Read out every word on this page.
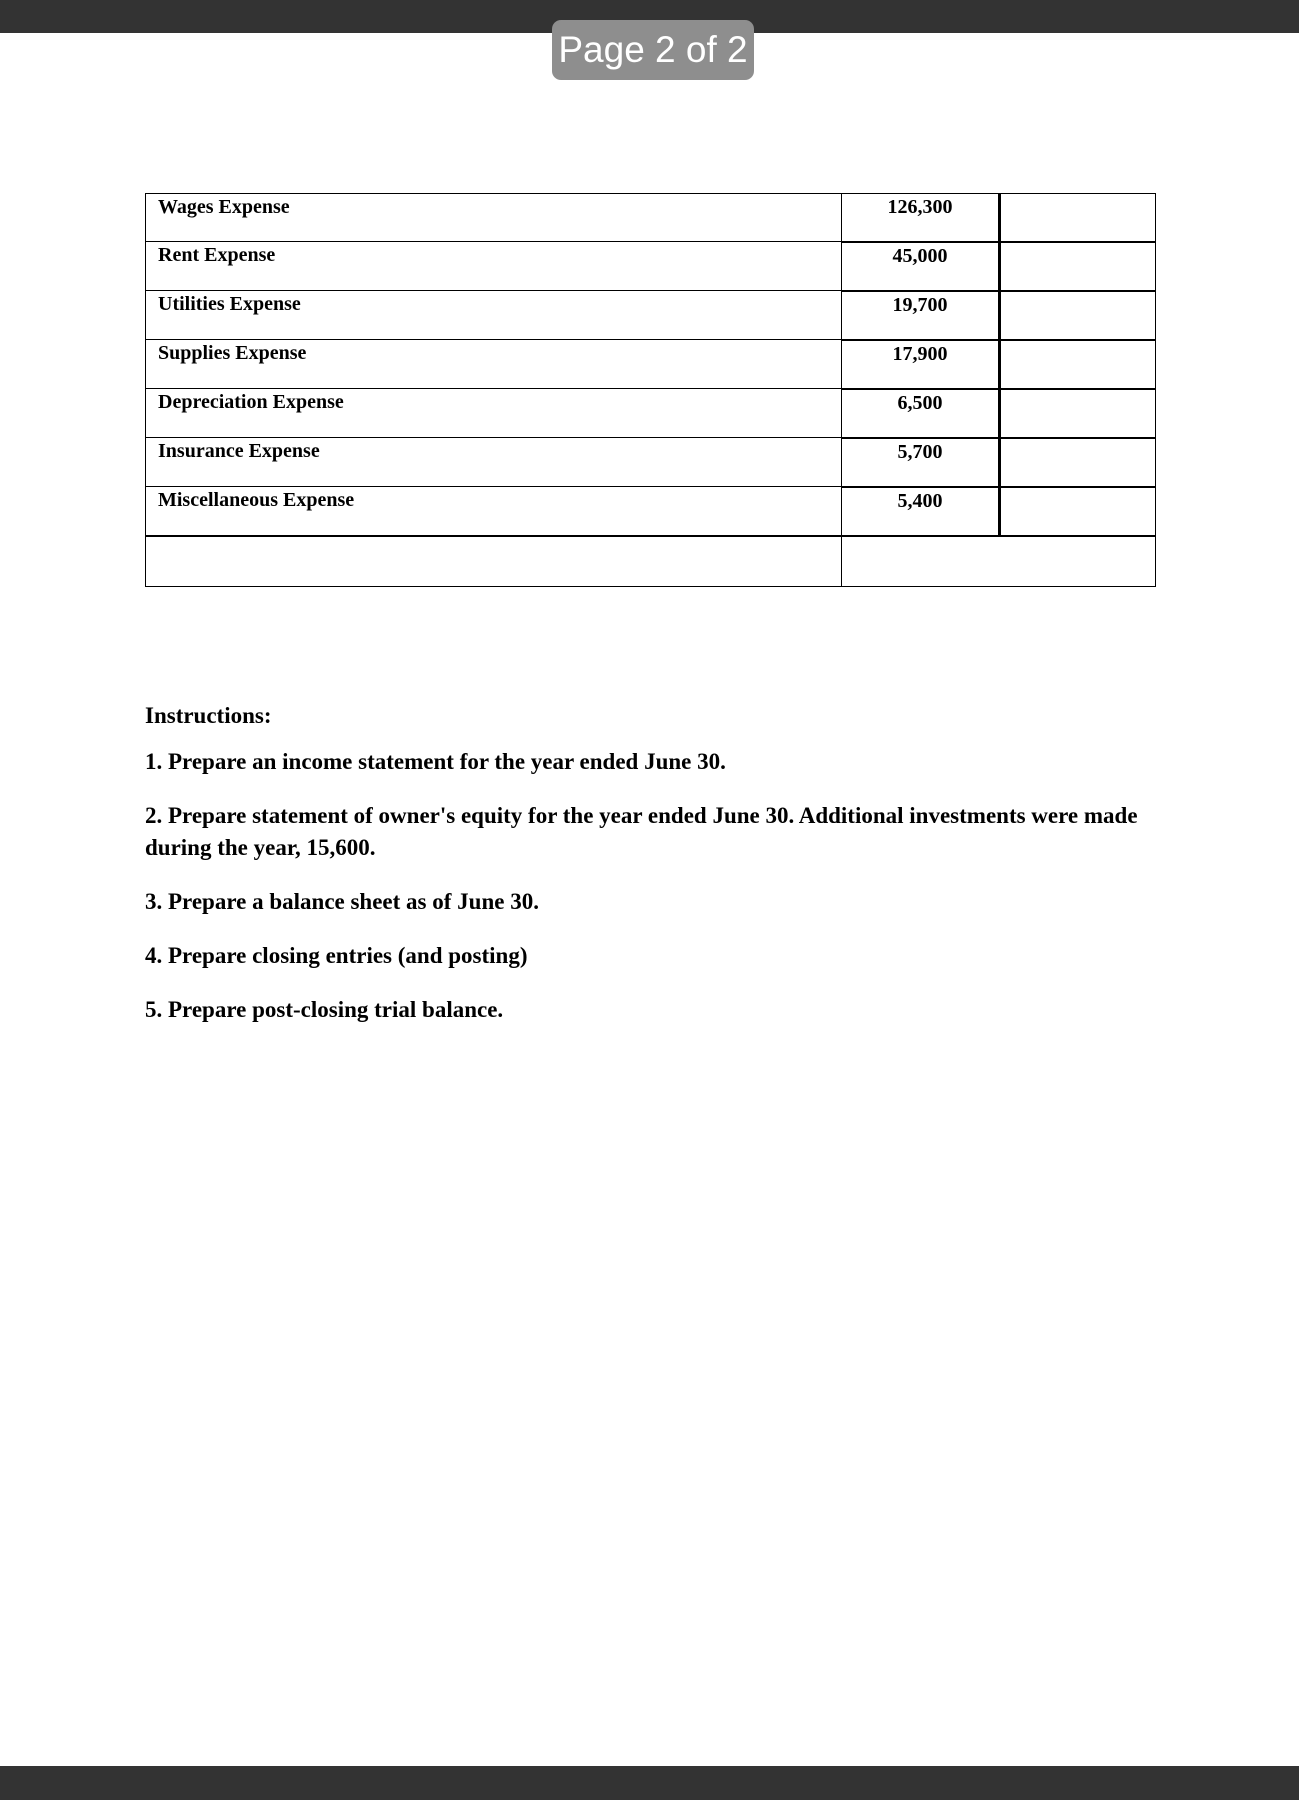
Page 2 of 2
Wages Expense	126,300
Rent Expense	45,000
Utilities Expense	19,700
Supplies Expense	17,900
Depreciation Expense	6,500
Insurance Expense	5,700
Miscellaneous Expense	5,400
Instructions:
1. Prepare an income statement for the year ended June 30.
2. Prepare statement of owner's equity for the year ended June 30. Additional investments were made during the year, 15,600.
3. Prepare a balance sheet as of June 30.
4. Prepare closing entries (and posting)
5. Prepare post-closing trial balance.
